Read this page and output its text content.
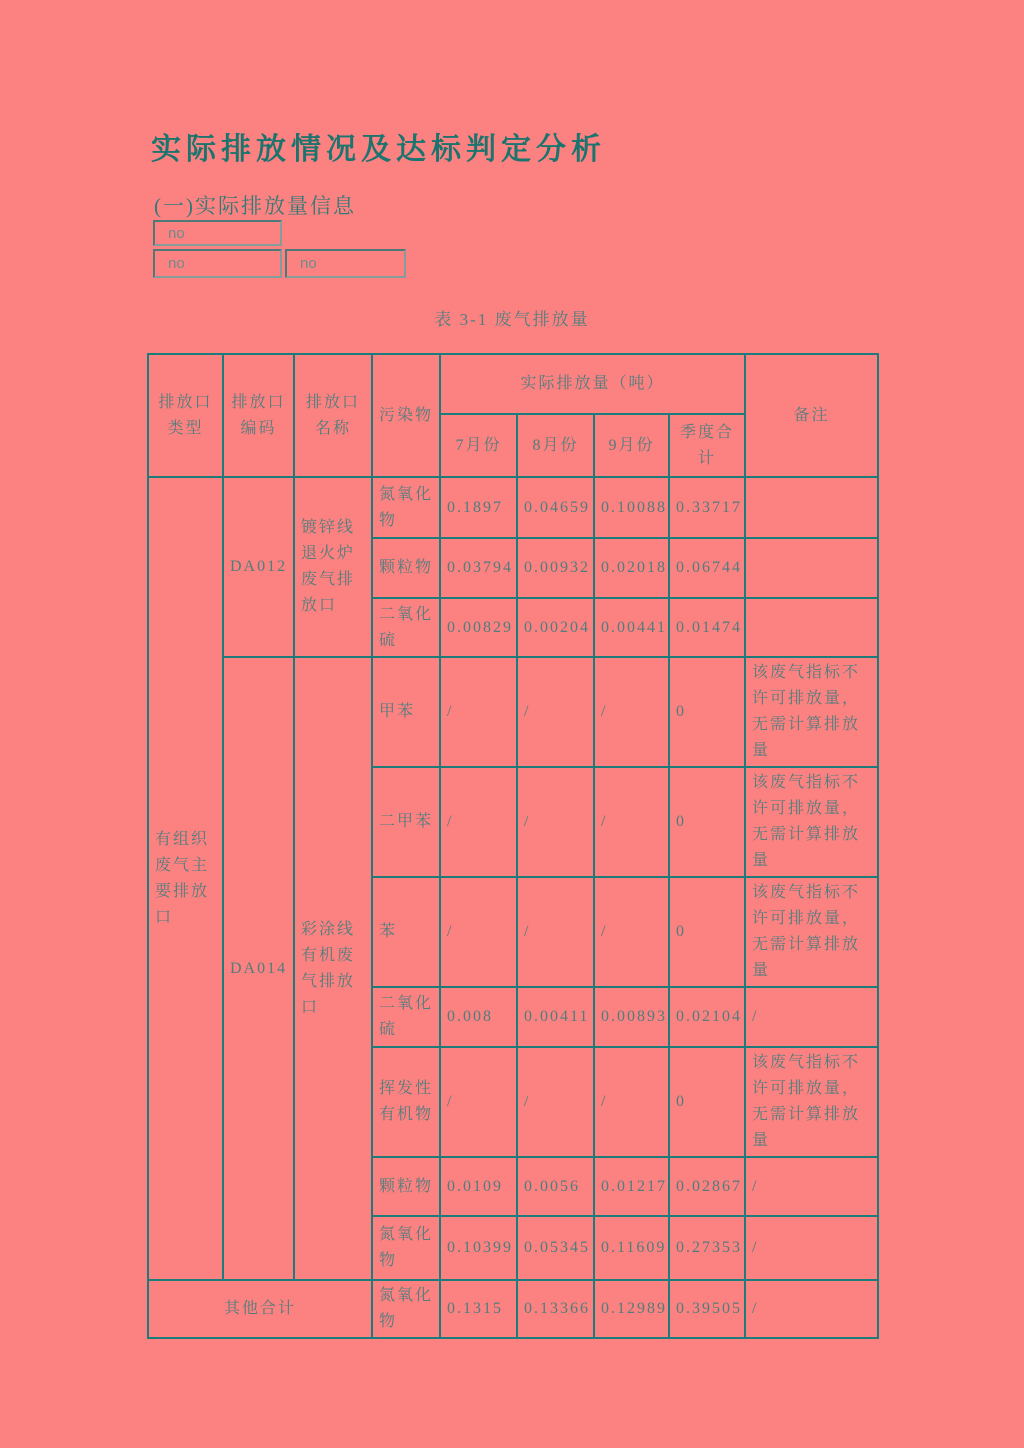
实际排放情况及达标判定分析
(一)实际排放量信息
no
no
no
表 3-1 废气排放量
排放口类型	排放口编码	排放口名称	污染物	实际排放量（吨）				备注
				7月份	8月份	9月份	季度合计	
有组织废气主要排放口	DA012	镀锌线退火炉废气排放口	氮氧化物	0.1897	0.04659	0.10088	0.33717	
			颗粒物	0.03794	0.00932	0.02018	0.06744	
			二氧化硫	0.00829	0.00204	0.00441	0.01474	
	DA014	彩涂线有机废气排放口	甲苯	/	/	/	0	该废气指标不许可排放量，无需计算排放量
			二甲苯	/	/	/	0	该废气指标不许可排放量，无需计算排放量
			苯	/	/	/	0	该废气指标不许可排放量，无需计算排放量
			二氧化硫	0.008	0.00411	0.00893	0.02104	/
			挥发性有机物	/	/	/	0	该废气指标不许可排放量，无需计算排放量
			颗粒物	0.0109	0.0056	0.01217	0.02867	/
			氮氧化物	0.10399	0.05345	0.11609	0.27353	/
其他合计			氮氧化物	0.1315	0.13366	0.12989	0.39505	/
